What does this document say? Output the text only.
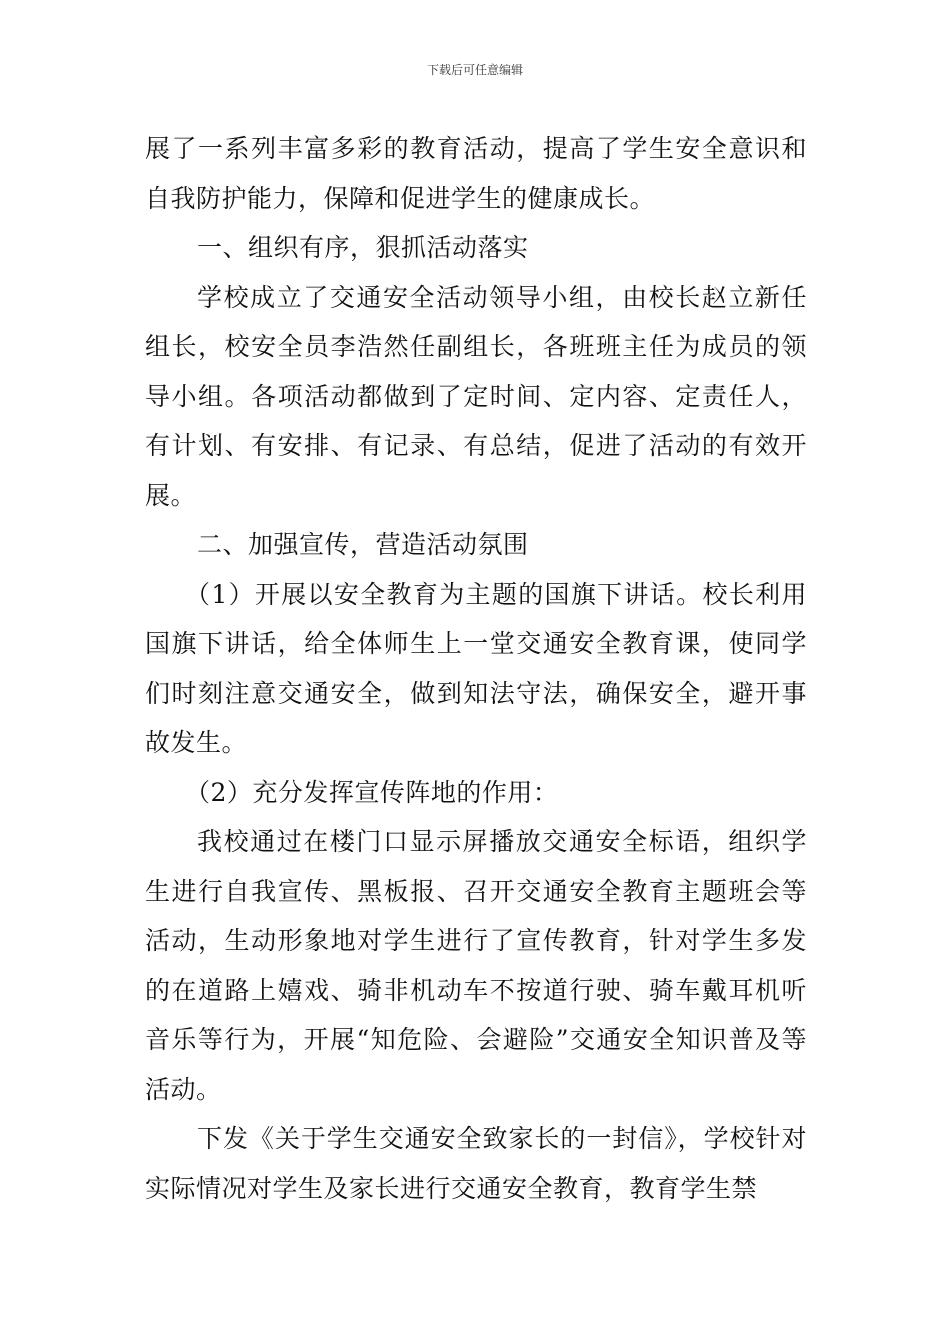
下载后可任意编辑

展了一系列丰富多彩的教育活动，提高了学生安全意识和自我防护能力，保障和促进学生的健康成长。

一、组织有序，狠抓活动落实

学校成立了交通安全活动领导小组，由校长赵立新任组长，校安全员李浩然任副组长，各班班主任为成员的领导小组。各项活动都做到了定时间、定内容、定责任人，有计划、有安排、有记录、有总结，促进了活动的有效开展。

二、加强宣传，营造活动氛围

（1）开展以安全教育为主题的国旗下讲话。校长利用国旗下讲话，给全体师生上一堂交通安全教育课，使同学们时刻注意交通安全，做到知法守法，确保安全，避开事故发生。

（2）充分发挥宣传阵地的作用：

我校通过在楼门口显示屏播放交通安全标语，组织学生进行自我宣传、黑板报、召开交通安全教育主题班会等活动，生动形象地对学生进行了宣传教育，针对学生多发的在道路上嬉戏、骑非机动车不按道行驶、骑车戴耳机听音乐等行为，开展“知危险、会避险”交通安全知识普及等活动。

下发《关于学生交通安全致家长的一封信》，学校针对实际情况对学生及家长进行交通安全教育，教育学生禁
